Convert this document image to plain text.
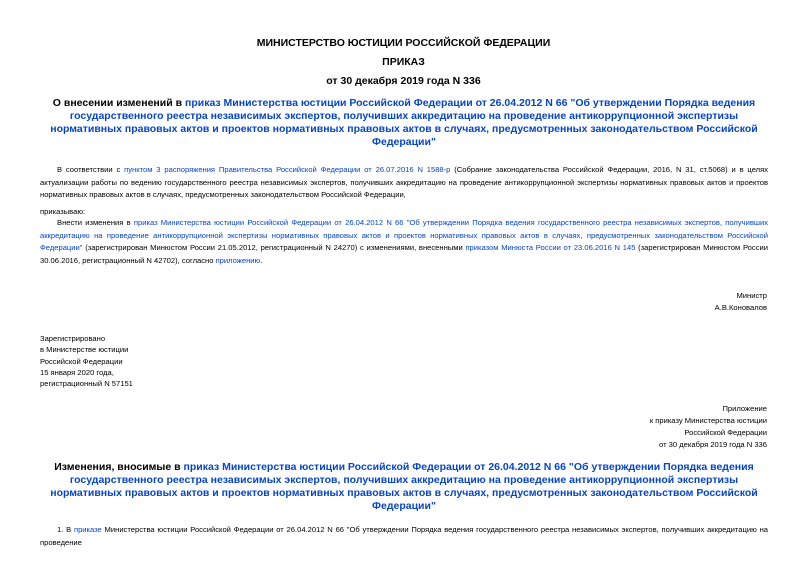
МИНИСТЕРСТВО ЮСТИЦИИ РОССИЙСКОЙ ФЕДЕРАЦИИ
ПРИКАЗ
от 30 декабря 2019 года N 336
О внесении изменений в приказ Министерства юстиции Российской Федерации от 26.04.2012 N 66 "Об утверждении Порядка ведения государственного реестра независимых экспертов, получивших аккредитацию на проведение антикоррупционной экспертизы нормативных правовых актов и проектов нормативных правовых актов в случаях, предусмотренных законодательством Российской Федерации"
В соответствии с пунктом 3 распоряжения Правительства Российской Федерации от 26.07.2016 N 1588-р (Собрание законодательства Российской Федерации, 2016, N 31, ст.5068) и в целях актуализации работы по ведению государственного реестра независимых экспертов, получивших аккредитацию на проведение антикоррупционной экспертизы нормативных правовых актов и проектов нормативных правовых актов в случаях, предусмотренных законодательством Российской Федерации,
приказываю:
Внести изменения в приказ Министерства юстиции Российской Федерации от 26.04.2012 N 66 "Об утверждении Порядка ведения государственного реестра независимых экспертов, получивших аккредитацию на проведение антикоррупционной экспертизы нормативных правовых актов и проектов нормативных правовых актов в случаях, предусмотренных законодательством Российской Федерации" (зарегистрирован Минюстом России 21.05.2012, регистрационный N 24270) с изменениями, внесенными приказом Минюста России от 23.06.2016 N 145 (зарегистрирован Минюстом России 30.06.2016, регистрационный N 42702), согласно приложению.
Министр
А.В.Коновалов
Зарегистрировано
в Министерстве юстиции
Российской Федерации
15 января 2020 года,
регистрационный N 57151
Приложение
к приказу Министерства юстиции
Российской Федерации
от 30 декабря 2019 года N 336
Изменения, вносимые в приказ Министерства юстиции Российской Федерации от 26.04.2012 N 66 "Об утверждении Порядка ведения государственного реестра независимых экспертов, получивших аккредитацию на проведение антикоррупционной экспертизы нормативных правовых актов и проектов нормативных правовых актов в случаях, предусмотренных законодательством Российской Федерации"
1. В приказе Министерства юстиции Российской Федерации от 26.04.2012 N 66 "Об утверждении Порядка ведения государственного реестра независимых экспертов, получивших аккредитацию на проведение
